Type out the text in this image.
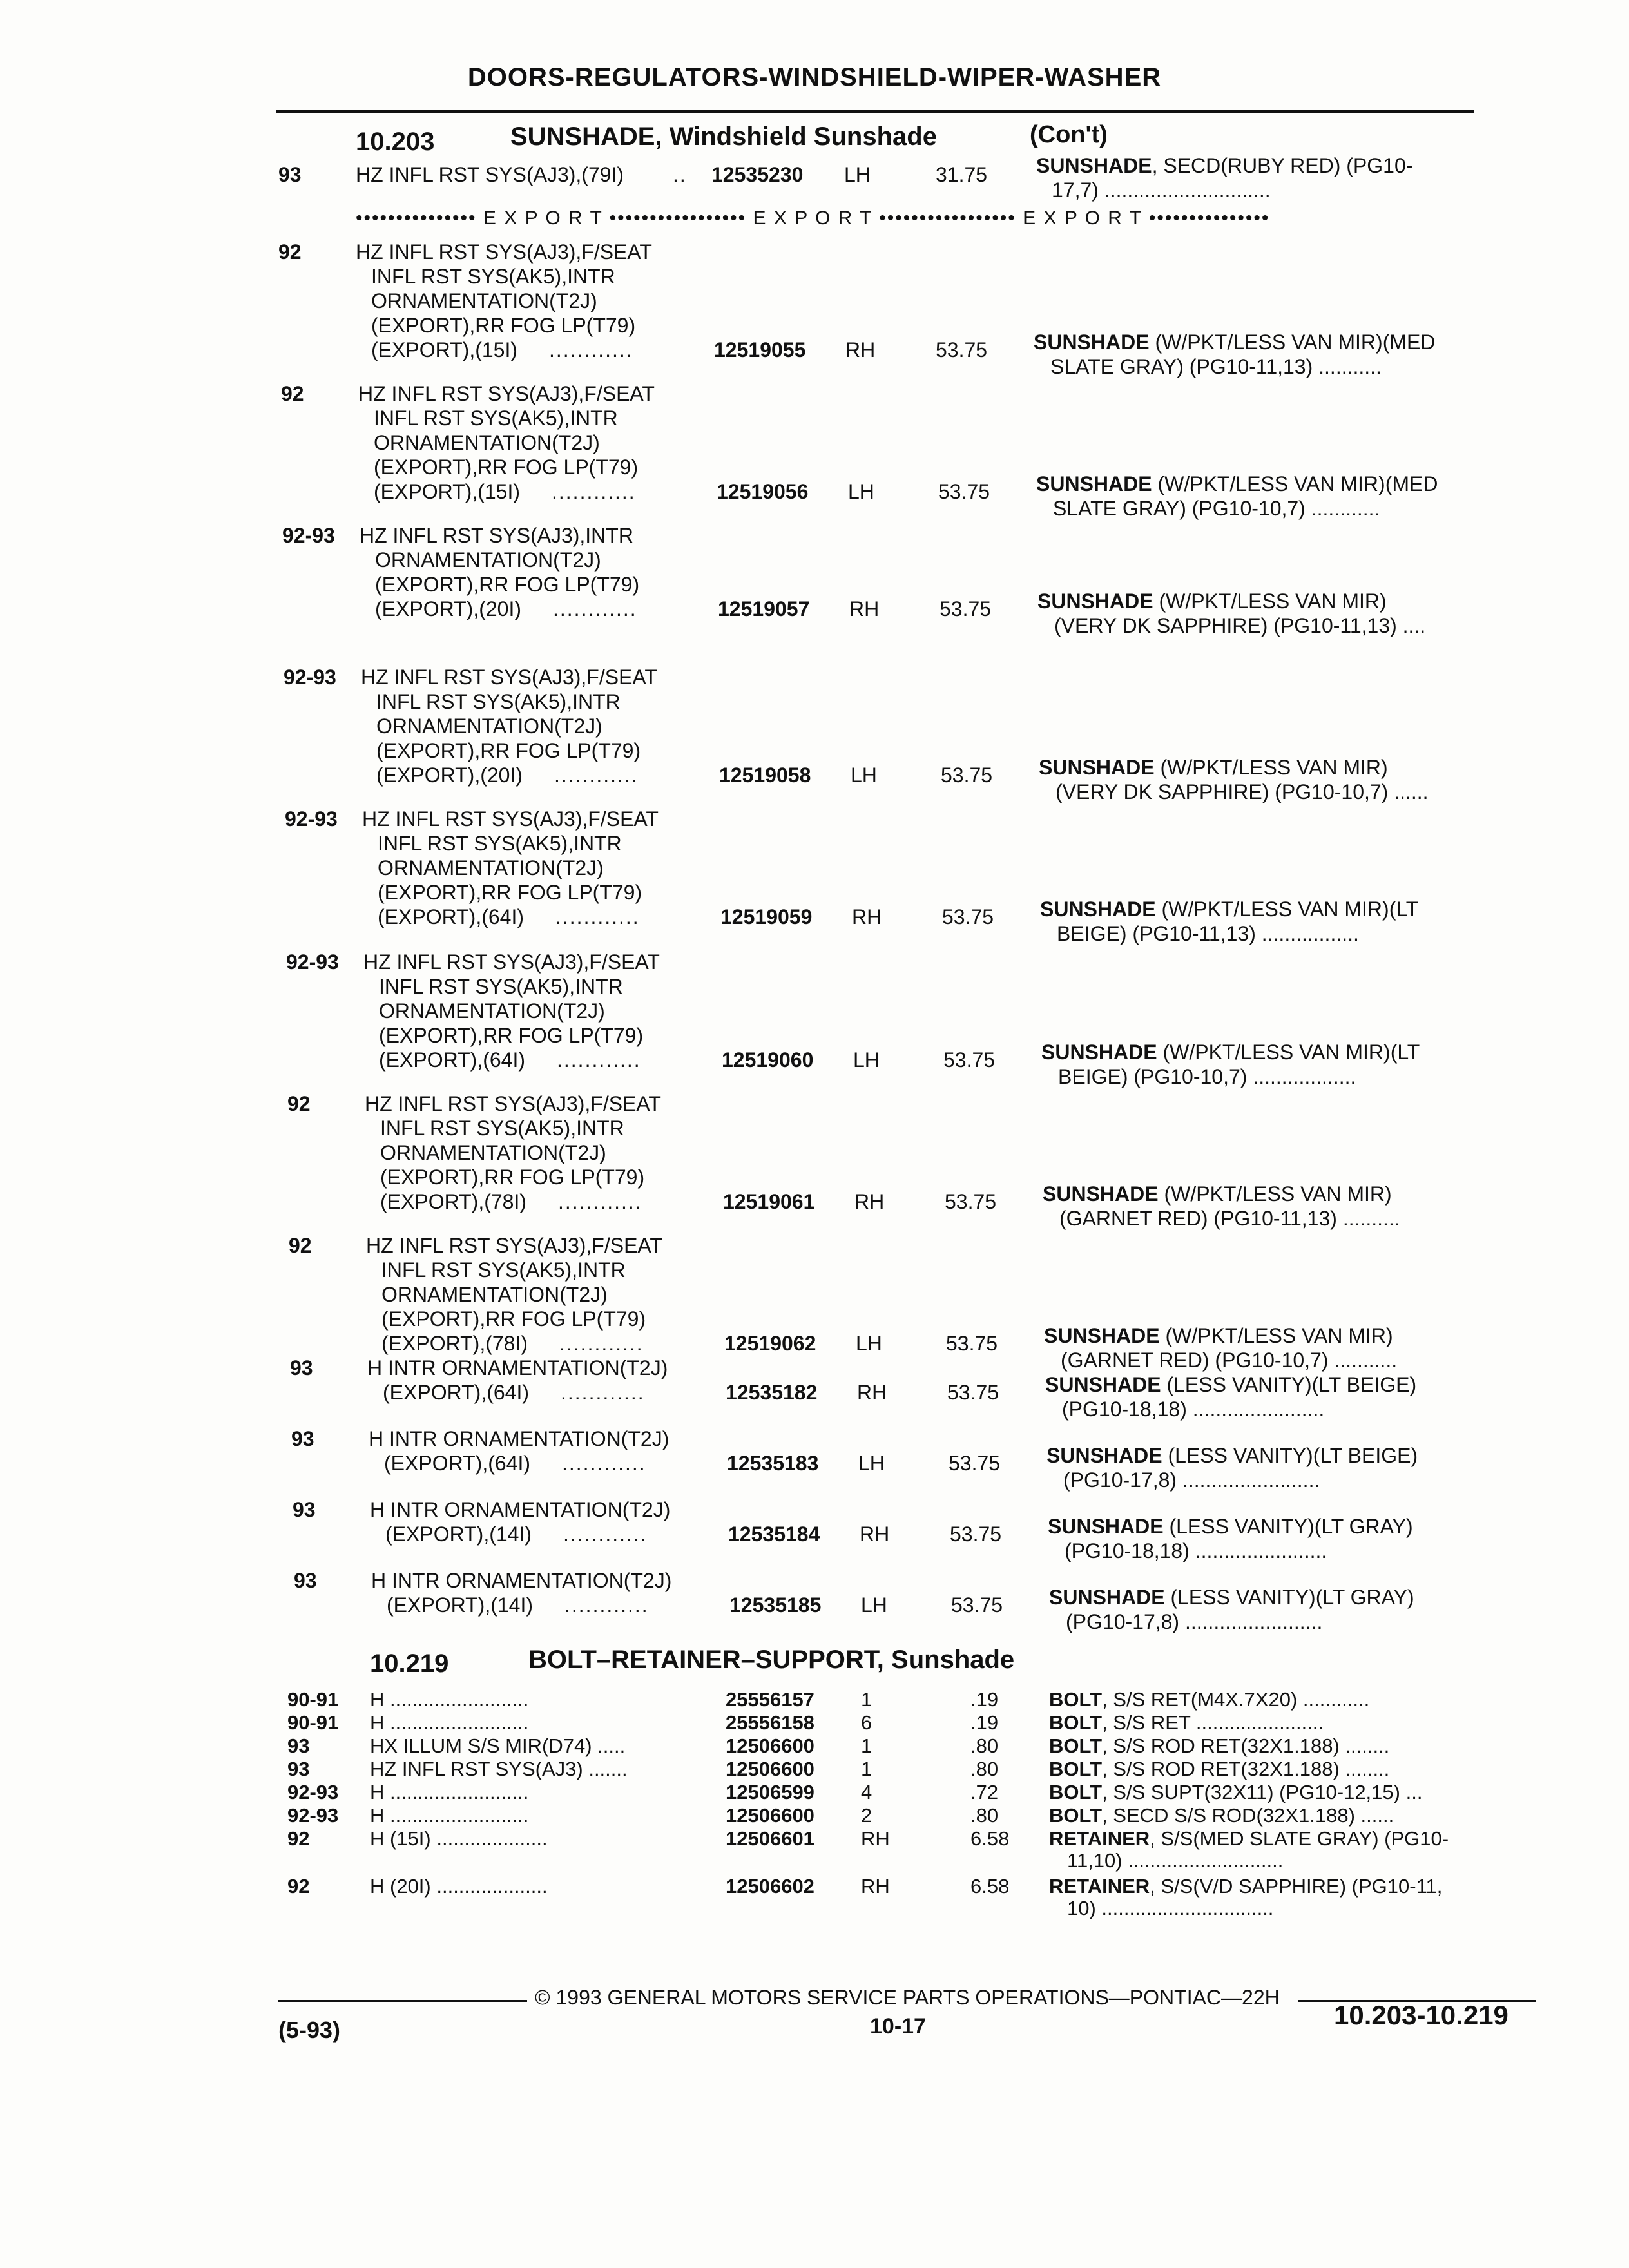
DOORS-REGULATORS-WINDSHIELD-WIPER-WASHER
10.203	SUNSHADE, Windshield Sunshade	(Con't)
93	HZ INFL RST SYS(AJ3),(79I) .. 12535230 LH	31.75 SUNSHADE, SECD(RUBY RED) (PG10-
17,7) .............................
••••••••••••••• E X P O R T ••••••••••••••••• E X P O R T ••••••••••••••••• E X P O R T •••••••••••••••
92	HZ INFL RST SYS(AJ3),F/SEAT
INFL RST SYS(AK5),INTR
ORNAMENTATION(T2J)
(EXPORT),RR FOG LP(T79)
(EXPORT),(15I) ............	12519055 RH	53.75 SUNSHADE (W/PKT/LESS VAN MIR)(MED
SLATE GRAY) (PG10-11,13) ...........
92	HZ INFL RST SYS(AJ3),F/SEAT
INFL RST SYS(AK5),INTR
ORNAMENTATION(T2J)
(EXPORT),RR FOG LP(T79)
(EXPORT),(15I) ............	12519056 LH	53.75 SUNSHADE (W/PKT/LESS VAN MIR)(MED
SLATE GRAY) (PG10-10,7) ............
92-93 HZ INFL RST SYS(AJ3),INTR
ORNAMENTATION(T2J)
(EXPORT),RR FOG LP(T79)
(EXPORT),(20I) ............	12519057 RH	53.75 SUNSHADE (W/PKT/LESS VAN MIR)
(VERY DK SAPPHIRE) (PG10-11,13) ....
92-93 HZ INFL RST SYS(AJ3),F/SEAT
INFL RST SYS(AK5),INTR
ORNAMENTATION(T2J)
(EXPORT),RR FOG LP(T79)
(EXPORT),(20I) ............	12519058 LH	53.75 SUNSHADE (W/PKT/LESS VAN MIR)
(VERY DK SAPPHIRE) (PG10-10,7) ......
92-93 HZ INFL RST SYS(AJ3),F/SEAT
INFL RST SYS(AK5),INTR
ORNAMENTATION(T2J)
(EXPORT),RR FOG LP(T79)
(EXPORT),(64I) ............	12519059 RH	53.75 SUNSHADE (W/PKT/LESS VAN MIR)(LT
BEIGE) (PG10-11,13) .................
92-93 HZ INFL RST SYS(AJ3),F/SEAT
INFL RST SYS(AK5),INTR
ORNAMENTATION(T2J)
(EXPORT),RR FOG LP(T79)
(EXPORT),(64I) ............	12519060 LH	53.75 SUNSHADE (W/PKT/LESS VAN MIR)(LT
BEIGE) (PG10-10,7) ..................
92	HZ INFL RST SYS(AJ3),F/SEAT
INFL RST SYS(AK5),INTR
ORNAMENTATION(T2J)
(EXPORT),RR FOG LP(T79)
(EXPORT),(78I) ............	12519061 RH	53.75 SUNSHADE (W/PKT/LESS VAN MIR)
(GARNET RED) (PG10-11,13) ..........
92	HZ INFL RST SYS(AJ3),F/SEAT
INFL RST SYS(AK5),INTR
ORNAMENTATION(T2J)
(EXPORT),RR FOG LP(T79)
(EXPORT),(78I) ............	12519062 LH	53.75 SUNSHADE (W/PKT/LESS VAN MIR)
(GARNET RED) (PG10-10,7) ...........
93	H INTR ORNAMENTATION(T2J)
(EXPORT),(64I) ............	12535182 RH	53.75 SUNSHADE (LESS VANITY)(LT BEIGE)
(PG10-18,18) .......................
93	H INTR ORNAMENTATION(T2J)
(EXPORT),(64I) ............	12535183 LH	53.75 SUNSHADE (LESS VANITY)(LT BEIGE)
(PG10-17,8) ........................
93	H INTR ORNAMENTATION(T2J)
(EXPORT),(14I) ............	12535184 RH	53.75 SUNSHADE (LESS VANITY)(LT GRAY)
(PG10-18,18) .......................
93	H INTR ORNAMENTATION(T2J)
(EXPORT),(14I) ............	12535185 LH	53.75 SUNSHADE (LESS VANITY)(LT GRAY)
(PG10-17,8) ........................
10.219	BOLT–RETAINER–SUPPORT, Sunshade
90-91 H .........................	25556157 1	.19	BOLT, S/S RET(M4X.7X20) ............
90-91 H .........................	25556158 6	.19	BOLT, S/S RET .......................
93	HX ILLUM S/S MIR(D74) .....	12506600 1	.80	BOLT, S/S ROD RET(32X1.188) ........
93	HZ INFL RST SYS(AJ3) .......	12506600 1	.80	BOLT, S/S ROD RET(32X1.188) ........
92-93 H .........................	12506599 4	.72	BOLT, S/S SUPT(32X11) (PG10-12,15) ...
92-93 H .........................	12506600 2	.80	BOLT, SECD S/S ROD(32X1.188) ......
92	H (15I) ....................	12506601 RH	6.58 RETAINER, S/S(MED SLATE GRAY) (PG10-
11,10) ............................
92	H (20I) ....................	12506602 RH	6.58 RETAINER, S/S(V/D SAPPHIRE) (PG10-11,
10) ...............................
© 1993 GENERAL MOTORS SERVICE PARTS OPERATIONS—PONTIAC—22H
(5-93)	10-17	10.203-10.219
